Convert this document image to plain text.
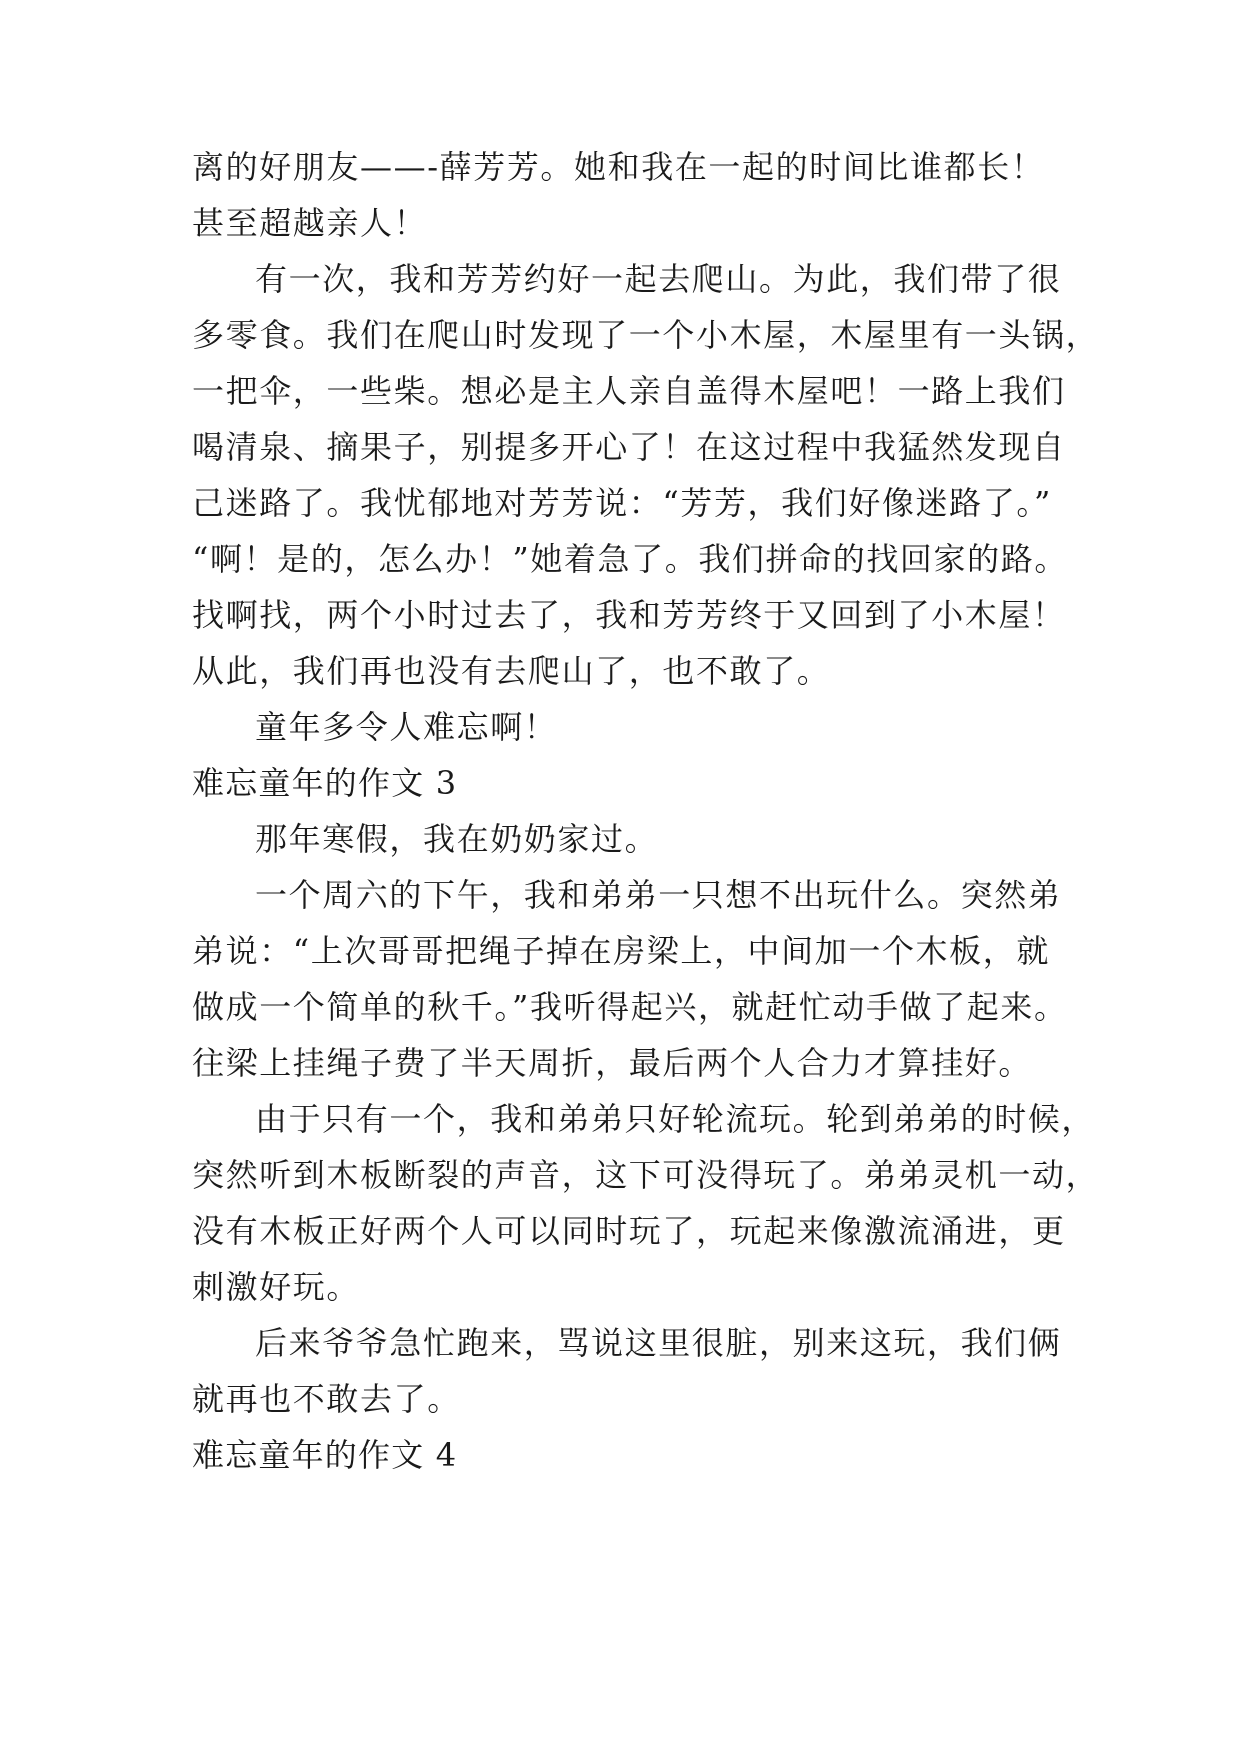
离的好朋友——-薛芳芳。她和我在一起的时间比谁都长！
甚至超越亲人！
有一次，我和芳芳约好一起去爬山。为此，我们带了很
多零食。我们在爬山时发现了一个小木屋，木屋里有一头锅，
一把伞，一些柴。想必是主人亲自盖得木屋吧！一路上我们
喝清泉、摘果子，别提多开心了！在这过程中我猛然发现自
己迷路了。我忧郁地对芳芳说：“芳芳，我们好像迷路了。”
“啊！是的，怎么办！”她着急了。我们拼命的找回家的路。
找啊找，两个小时过去了，我和芳芳终于又回到了小木屋！
从此，我们再也没有去爬山了，也不敢了。
童年多令人难忘啊！
难忘童年的作文 3
那年寒假，我在奶奶家过。
一个周六的下午，我和弟弟一只想不出玩什么。突然弟
弟说：“上次哥哥把绳子掉在房梁上，中间加一个木板，就
做成一个简单的秋千。”我听得起兴，就赶忙动手做了起来。
往梁上挂绳子费了半天周折，最后两个人合力才算挂好。
由于只有一个，我和弟弟只好轮流玩。轮到弟弟的时候，
突然听到木板断裂的声音，这下可没得玩了。弟弟灵机一动，
没有木板正好两个人可以同时玩了，玩起来像激流涌进，更
刺激好玩。
后来爷爷急忙跑来，骂说这里很脏，别来这玩，我们俩
就再也不敢去了。
难忘童年的作文 4
